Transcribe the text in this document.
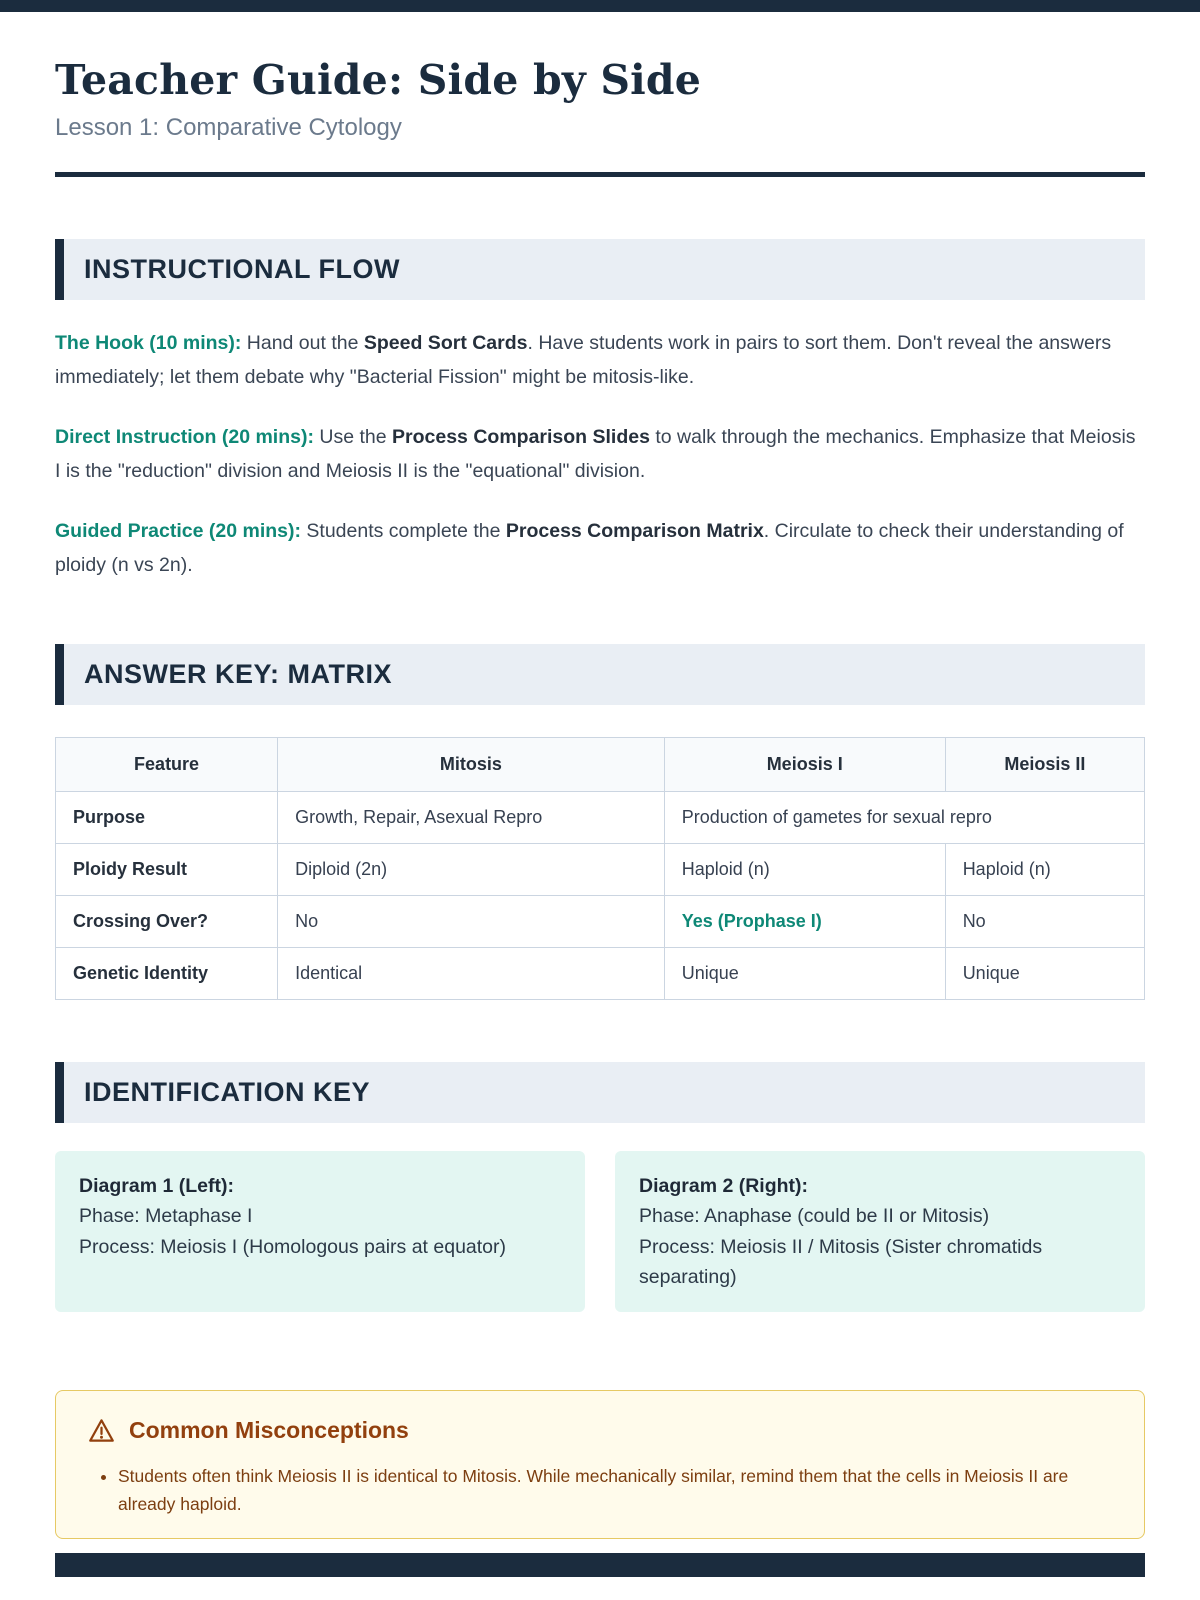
Teacher Guide: Side by Side
Lesson 1: Comparative Cytology
INSTRUCTIONAL FLOW

The Hook (10 mins): Hand out the Speed Sort Cards. Have students work in pairs to sort them. Don't reveal the answers immediately; let them debate why "Bacterial Fission" might be mitosis-like.

Direct Instruction (20 mins): Use the Process Comparison Slides to walk through the mechanics. Emphasize that Meiosis I is the "reduction" division and Meiosis II is the "equational" division.

Guided Practice (20 mins): Students complete the Process Comparison Matrix. Circulate to check their understanding of ploidy (n vs 2n).

ANSWER KEY: MATRIX
Feature	Mitosis	Meiosis I	Meiosis II
Purpose	Growth, Repair, Asexual Repro	Production of gametes for sexual repro	
Ploidy Result	Diploid (2n)	Haploid (n)	Haploid (n)
Crossing Over?	No	Yes (Prophase I)	No
Genetic Identity	Identical	Unique	Unique
IDENTIFICATION KEY
Diagram 1 (Left):
Phase: Metaphase I
Process: Meiosis I (Homologous pairs at equator)
Diagram 2 (Right):
Phase: Anaphase (could be II or Mitosis)
Process: Meiosis II / Mitosis (Sister chromatids separating)
Common Misconceptions
• Students often think Meiosis II is identical to Mitosis. While mechanically similar, remind them that the cells in Meiosis II are already haploid.
